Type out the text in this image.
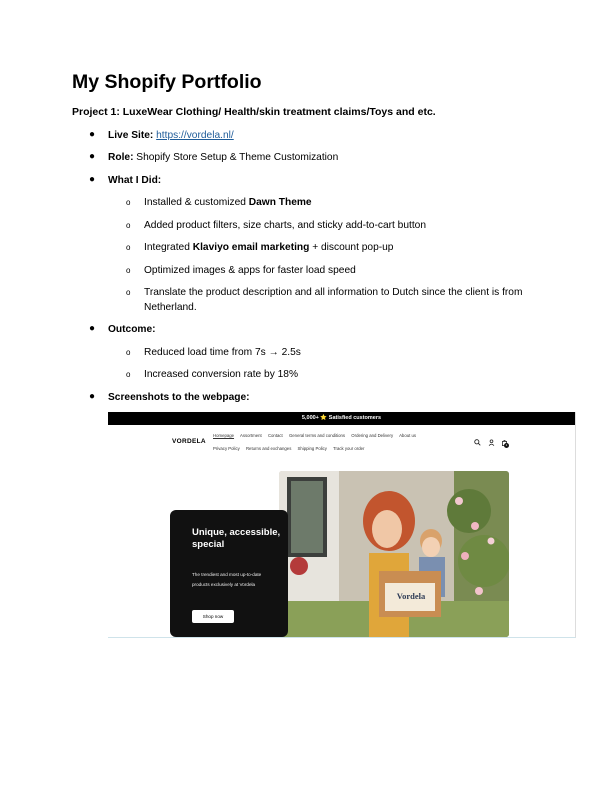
My Shopify Portfolio

Project 1: LuxeWear Clothing/ Health/skin treatment claims/Toys and etc.

● Live Site: https://vordela.nl/
● Role: Shopify Store Setup & Theme Customization
● What I Did:
o Installed & customized Dawn Theme
o Added product filters, size charts, and sticky add-to-cart button
o Integrated Klaviyo email marketing + discount pop-up
o Optimized images & apps for faster load speed
o Translate the product description and all information to Dutch since the client is from Netherland.
● Outcome:
o Reduced load time from 7s → 2.5s
o Increased conversion rate by 18%
● Screenshots to the webpage:
5,000+ ⭐ Satisfied customers
VORDELA
Homepage Assortment Contact General terms and conditions Ordering and Delivery About us
Privacy Policy Returns and exchanges Shipping Policy Track your order

1
Vordela
Unique, accessible, special
The trendiest and most up-to-date products exclusively at Vordela
Shop now
